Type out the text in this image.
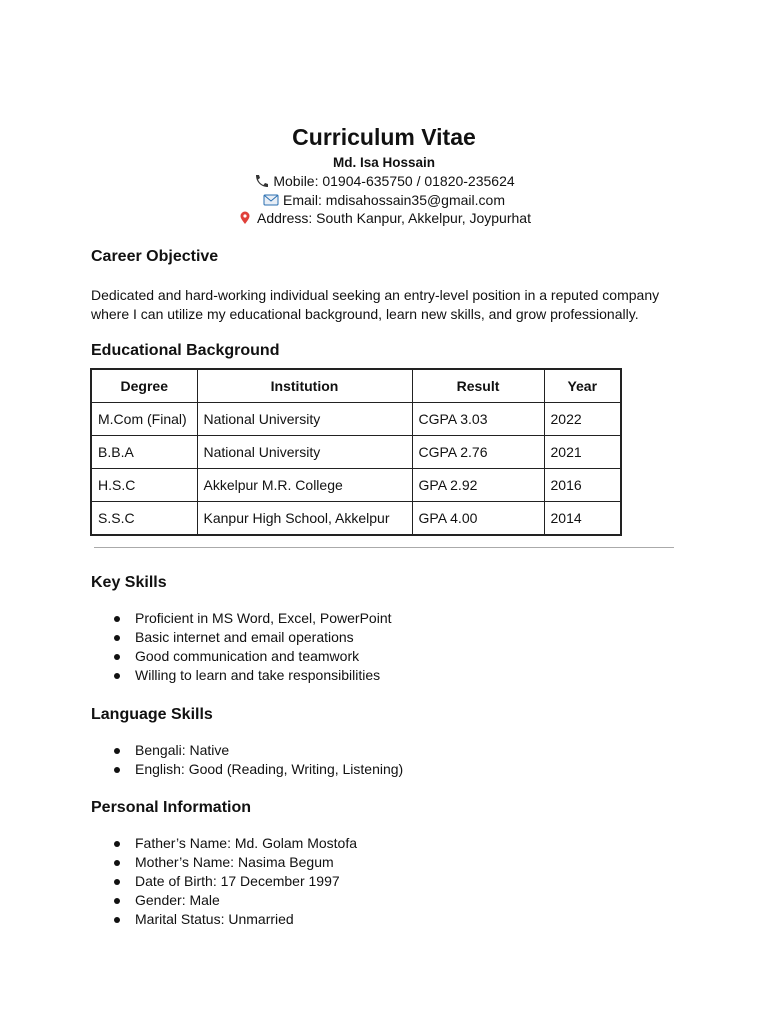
Curriculum Vitae
Md. Isa Hossain
Mobile: 01904-635750 / 01820-235624
Email: mdisahossain35@gmail.com
Address: South Kanpur, Akkelpur, Joypurhat
Career Objective

Dedicated and hard-working individual seeking an entry-level position in a reputed company where I can utilize my educational background, learn new skills, and grow professionally.

Educational Background
Degree	Institution	Result	Year
M.Com (Final)	National University	CGPA 3.03	2022
B.B.A	National University	CGPA 2.76	2021
H.S.C	Akkelpur M.R. College	GPA 2.92	2016
S.S.C	Kanpur High School, Akkelpur	GPA 4.00	2014
Key Skills
Proficient in MS Word, Excel, PowerPoint
Basic internet and email operations
Good communication and teamwork
Willing to learn and take responsibilities
Language Skills
Bengali: Native
English: Good (Reading, Writing, Listening)
Personal Information
Father’s Name: Md. Golam Mostofa
Mother’s Name: Nasima Begum
Date of Birth: 17 December 1997
Gender: Male
Marital Status: Unmarried
